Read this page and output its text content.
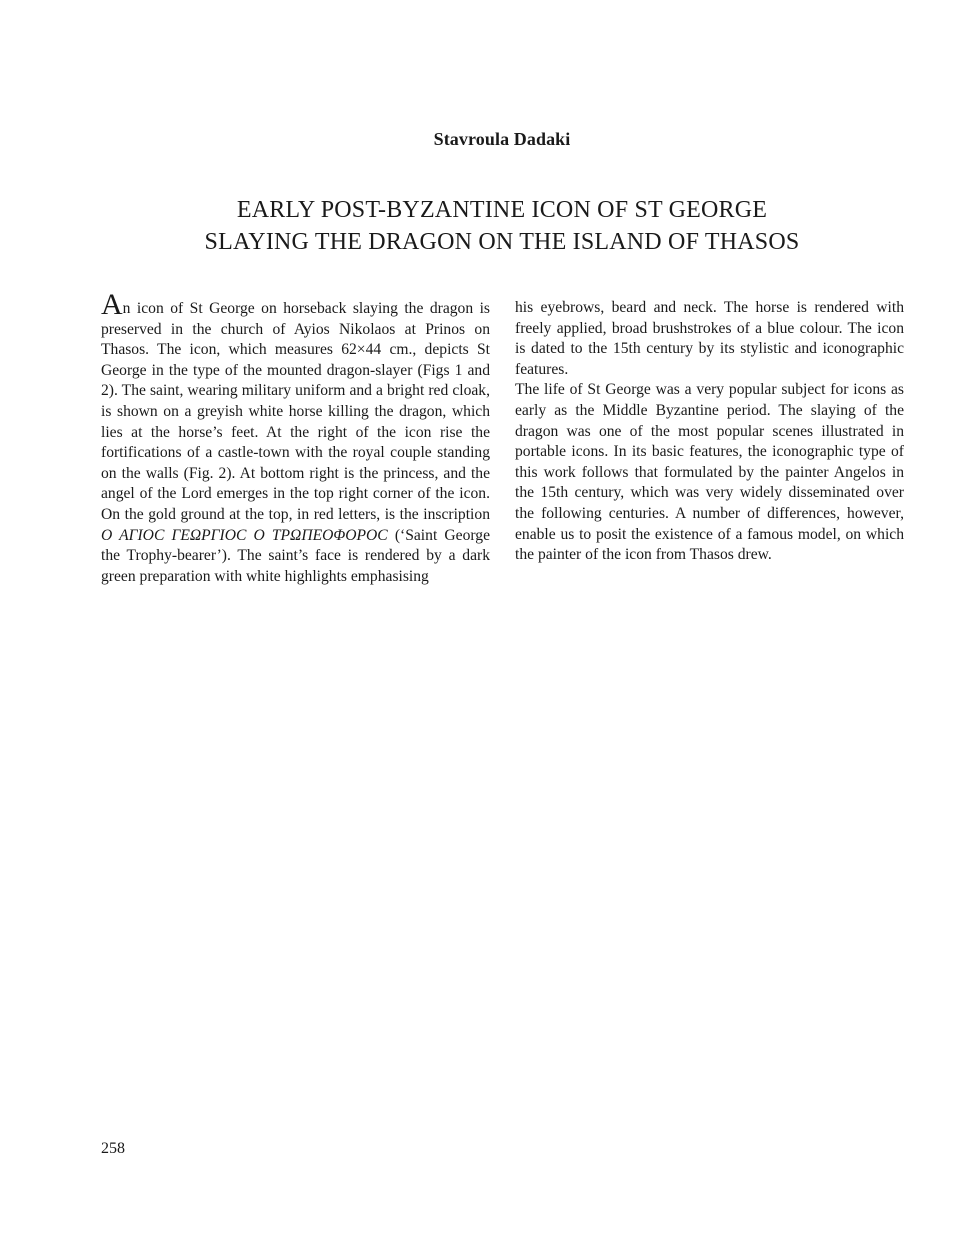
Stavroula Dadaki
EARLY POST-BYZANTINE ICON OF ST GEORGE
SLAYING THE DRAGON ON THE ISLAND OF THASOS

An icon of St George on horseback slaying the dragon is preserved in the church of Ayios Nikolaos at Prinos on Thasos. The icon, which measures 62×44 cm., depicts St George in the type of the mounted dragon-slayer (Figs 1 and 2). The saint, wearing military uniform and a bright red cloak, is shown on a greyish white horse killing the dragon, which lies at the horse’s feet. At the right of the icon rise the fortifications of a castle-town with the royal couple standing on the walls (Fig. 2). At bottom right is the princess, and the angel of the Lord emerges in the top right corner of the icon. On the gold ground at the top, in red letters, is the inscription Ο ΑΓΙΟC ΓΕΩΡΓΙΟC Ο ΤΡΩΠΕΟΦΟΡΟC (‘Saint George the Trophy-bearer’). The saint’s face is rendered by a dark green preparation with white highlights emphasising

his eyebrows, beard and neck. The horse is rendered with freely applied, broad brushstrokes of a blue colour. The icon is dated to the 15th century by its stylistic and iconographic features.

The life of St George was a very popular subject for icons as early as the Middle Byzantine period. The slaying of the dragon was one of the most popular scenes illustrated in portable icons. In its basic features, the iconographic type of this work follows that formulated by the painter Angelos in the 15th century, which was very widely disseminated over the following centuries. A number of differences, however, enable us to posit the existence of a famous model, on which the painter of the icon from Thasos drew.

258
